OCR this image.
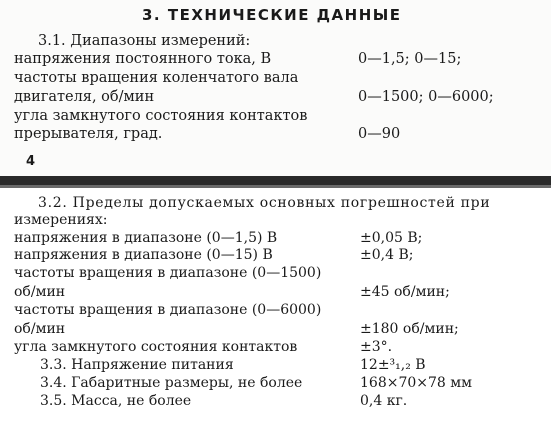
3. ТЕХНИЧЕСКИЕ ДАННЫЕ
3.1. Диапазоны измерений:
напряжения постоянного тока, В	0—1,5; 0—15;
частоты вращения коленчатого вала
двигателя, об/мин	0—1500; 0—6000;
угла замкнутого состояния контактов
прерывателя, град.	0—90
4
3.2. Пределы допускаемых основных погрешностей при
измерениях:
напряжения в диапазоне (0—1,5) В	±0,05 В;
напряжения в диапазоне (0—15) В	±0,4 В;
частоты вращения в диапазоне (0—1500)
об/мин	±45 об/мин;
частоты вращения в диапазоне (0—6000)
об/мин	±180 об/мин;
угла замкнутого состояния контактов	±3°.
3.3. Напряжение питания	12±³₁,₂ В
3.4. Габаритные размеры, не более	168×70×78 мм
3.5. Масса, не более	0,4 кг.
